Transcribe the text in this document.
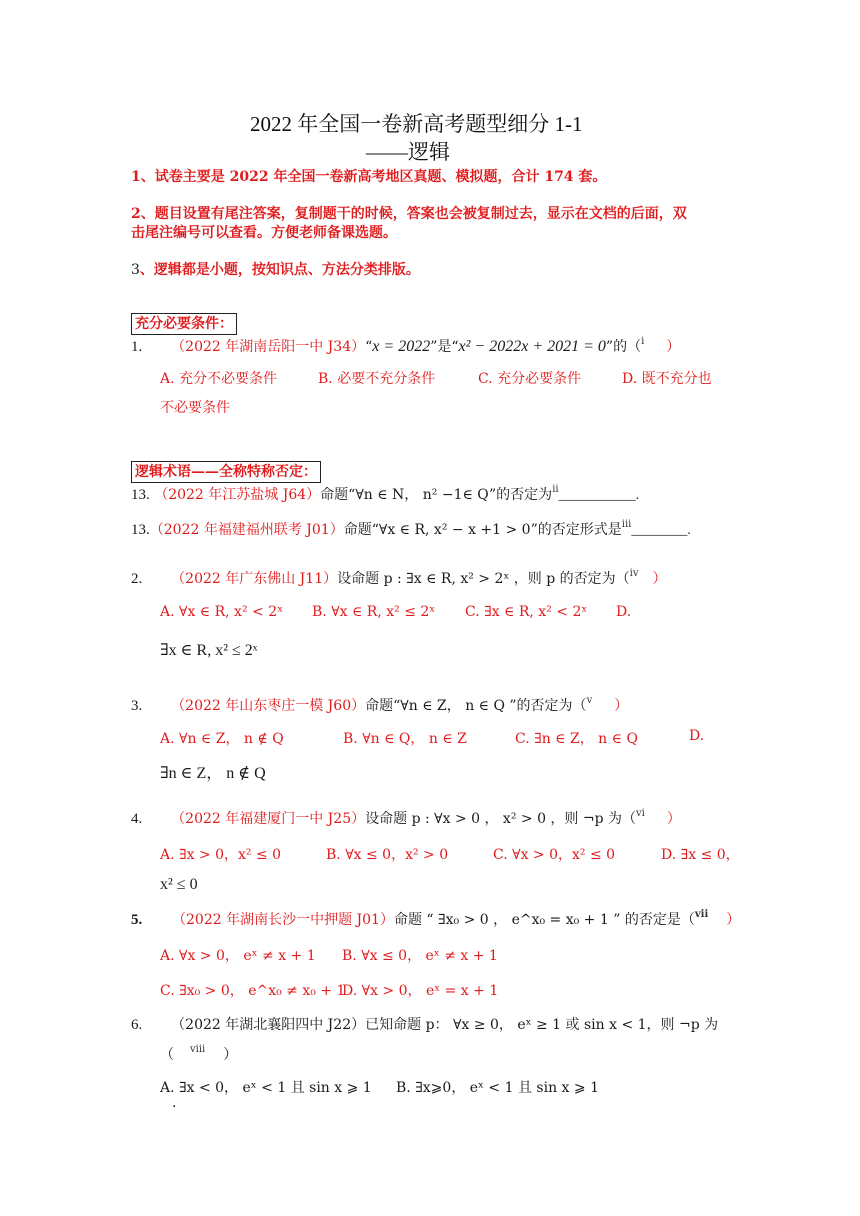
2022 年全国一卷新高考题型细分 1-1
——逻辑
1、试卷主要是 2022 年全国一卷新高考地区真题、模拟题，合计 174 套。
2、题目设置有尾注答案，复制题干的时候，答案也会被复制过去，显示在文档的后面，双
击尾注编号可以查看。方便老师备课选题。
3、逻辑都是小题，按知识点、方法分类排版。
充分必要条件：
1. （2022 年湖南岳阳一中 J34）“x = 2022”是“x² − 2022x + 2021 = 0”的（$^i$ ）
A. 充分不必要条件	B. 必要不充分条件	C. 充分必要条件	D. 既不充分也
不必要条件
逻辑术语——全称特称否定：
13. （2022 年江苏盐城 J64）命题“∀n ∈ N， n² −1∈ Q”的否定为$^{ii}$___________.
13.（2022 年福建福州联考 J01）命题“∀x ∈ R, x² − x +1 > 0”的否定形式是$^{iii}$________.
2. （2022 年广东佛山 J11）设命题 p : ∃x ∈ R, x² > 2ˣ ，则 p 的否定为（$^{iv}$ ）
A. ∀x ∈ R, x² < 2ˣ B. ∀x ∈ R, x² ≤ 2ˣ C. ∃x ∈ R, x² < 2ˣ D.
∃x ∈ R, x² ≤ 2ˣ
3. （2022 年山东枣庄一模 J60）命题“∀n ∈ Z， n ∈ Q ”的否定为（$^v$ ）
A. ∀n ∈ Z， n ∉ Q	B. ∀n ∈ Q， n ∈ Z	C. ∃n ∈ Z， n ∈ Q	D.
∃n ∈ Z， n ∉ Q
4. （2022 年福建厦门一中 J25）设命题 p : ∀x > 0 ， x² > 0 ，则 ¬p 为（$^{vi}$ ）
A. ∃x > 0，x² ≤ 0	B. ∀x ≤ 0，x² > 0	C. ∀x > 0，x² ≤ 0	D. ∃x ≤ 0，
x² ≤ 0
5. （2022 年湖南长沙一中押题 J01）命题 “ ∃x₀ > 0 ， e^x₀ = x₀ + 1 ” 的否定是（$^{vii}$ ）
A. ∀x > 0， eˣ ≠ x + 1 B. ∀x ≤ 0， eˣ ≠ x + 1
C. ∃x₀ > 0， e^x₀ ≠ x₀ + 1
D. ∀x > 0， eˣ = x + 1
6. （2022 年湖北襄阳四中 J22）已知命题 p： ∀x ≥ 0， eˣ ≥ 1 或 sin x < 1，则 ¬p 为
（ $^{viii}$ ）
A. ∃x < 0， eˣ < 1 且 sin x ⩾ 1 B. ∃x⩾0， eˣ < 1 且 sin x ⩾ 1
.
